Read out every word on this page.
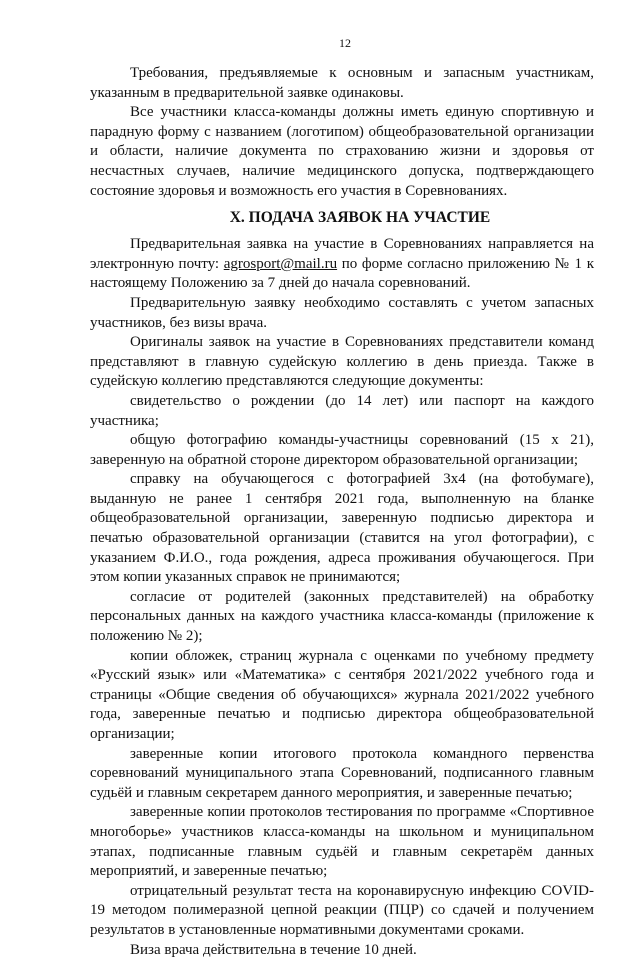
12

Требования, предъявляемые к основным и запасным участникам, указанным в предварительной заявке одинаковы.

Все участники класса-команды должны иметь единую спортивную и парадную форму с названием (логотипом) общеобразовательной организации и области, наличие документа по страхованию жизни и здоровья от несчастных случаев, наличие медицинского допуска, подтверждающего состояние здоровья и возможность его участия в Соревнованиях.

X. ПОДАЧА ЗАЯВОК НА УЧАСТИЕ

Предварительная заявка на участие в Соревнованиях направляется на электронную почту: agrosport@mail.ru по форме согласно приложению № 1 к настоящему Положению за 7 дней до начала соревнований.

Предварительную заявку необходимо составлять с учетом запасных участников, без визы врача.

Оригиналы заявок на участие в Соревнованиях представители команд представляют в главную судейскую коллегию в день приезда. Также в судейскую коллегию представляются следующие документы:

свидетельство о рождении (до 14 лет) или паспорт на каждого участника;

общую фотографию команды-участницы соревнований (15 х 21), заверенную на обратной стороне директором образовательной организации;

справку на обучающегося с фотографией 3х4 (на фотобумаге), выданную не ранее 1 сентября 2021 года, выполненную на бланке общеобразовательной организации, заверенную подписью директора и печатью образовательной организации (ставится на угол фотографии), с указанием Ф.И.О., года рождения, адреса проживания обучающегося. При этом копии указанных справок не принимаются;

согласие от родителей (законных представителей) на обработку персональных данных на каждого участника класса-команды (приложение к положению № 2);

копии обложек, страниц журнала с оценками по учебному предмету «Русский язык» или «Математика» с сентября 2021/2022 учебного года и страницы «Общие сведения об обучающихся» журнала 2021/2022 учебного года, заверенные печатью и подписью директора общеобразовательной организации;

заверенные копии итогового протокола командного первенства соревнований муниципального этапа Соревнований, подписанного главным судьёй и главным секретарем данного мероприятия, и заверенные печатью;

заверенные копии протоколов тестирования по программе «Спортивное многоборье» участников класса-команды на школьном и муниципальном этапах, подписанные главным судьёй и главным секретарём данных мероприятий, и заверенные печатью;

отрицательный результат теста на коронавирусную инфекцию COVID-19 методом полимеразной цепной реакции (ПЦР) со сдачей и получением результатов в установленные нормативными документами сроками.

Виза врача действительна в течение 10 дней.
